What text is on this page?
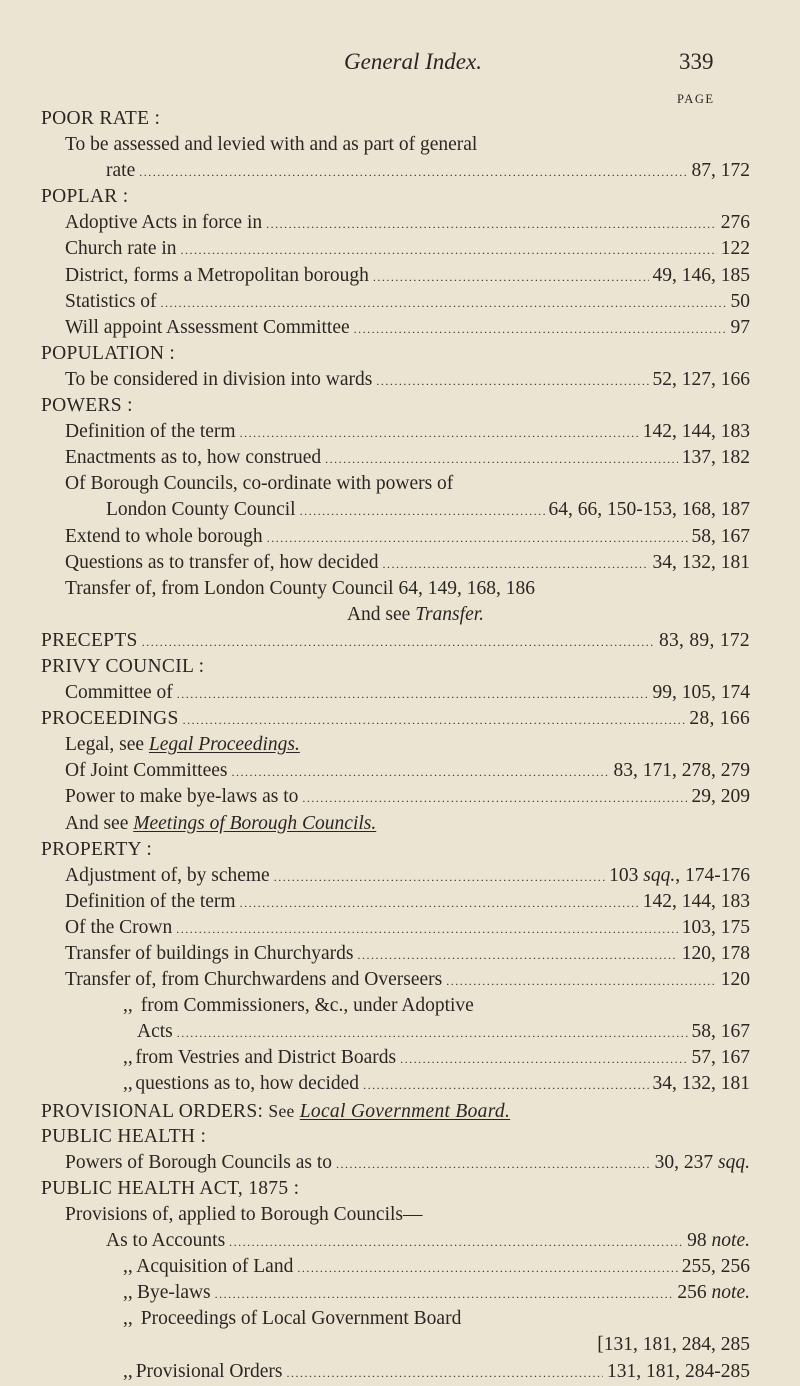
General Index.	339
PAGE
POOR RATE :
To be assessed and levied with and as part of general
rate .....	87, 172
POPLAR :
Adoptive Acts in force in .....	276
Church rate in .....	122
District, forms a Metropolitan borough .....	49, 146, 185
Statistics of .....	50
Will appoint Assessment Committee .....	97
POPULATION :
To be considered in division into wards .....	52, 127, 166
POWERS :
Definition of the term .....	142, 144, 183
Enactments as to, how construed .....	137, 182
Of Borough Councils, co-ordinate with powers of
London County Council .....	64, 66, 150-153, 168, 187
Extend to whole borough .....	58, 167
Questions as to transfer of, how decided .....	34, 132, 181
Transfer of, from London County Council 64, 149, 168, 186
And see
Transfer.
PRECEPTS .....	83, 89, 172
PRIVY COUNCIL :
Committee of .....	99, 105, 174
PROCEEDINGS .....	28, 166
Legal, see
Legal Proceedings.
Of Joint Committees .....	83, 171, 278, 279
Power to make bye-laws as to .....	29, 209
And see
Meetings of Borough Councils.
PROPERTY :
Adjustment of, by scheme .....	103 sqq., 174-176
Definition of the term .....	142, 144, 183
Of the Crown .....	103, 175
Transfer of buildings in Churchyards .....	120, 178
Transfer of, from Churchwardens and Overseers .....	120
,, from Commissioners, &c., under Adoptive
Acts .....	58, 167
,, from Vestries and District Boards .....	57, 167
,, questions as to, how decided .....	34, 132, 181
PROVISIONAL ORDERS:
See
Local Government Board.
PUBLIC HEALTH :
Powers of Borough Councils as to .....	30, 237 sqq.
PUBLIC HEALTH ACT, 1875 :
Provisions of, applied to Borough Councils—
As to Accounts .....	98 note.
,, Acquisition of Land .....	255, 256
,, Bye-laws .....	256 note.
,, Proceedings of Local Government Board
[131, 181, 284, 285
,, Provisional Orders .....	131, 181, 284-285
